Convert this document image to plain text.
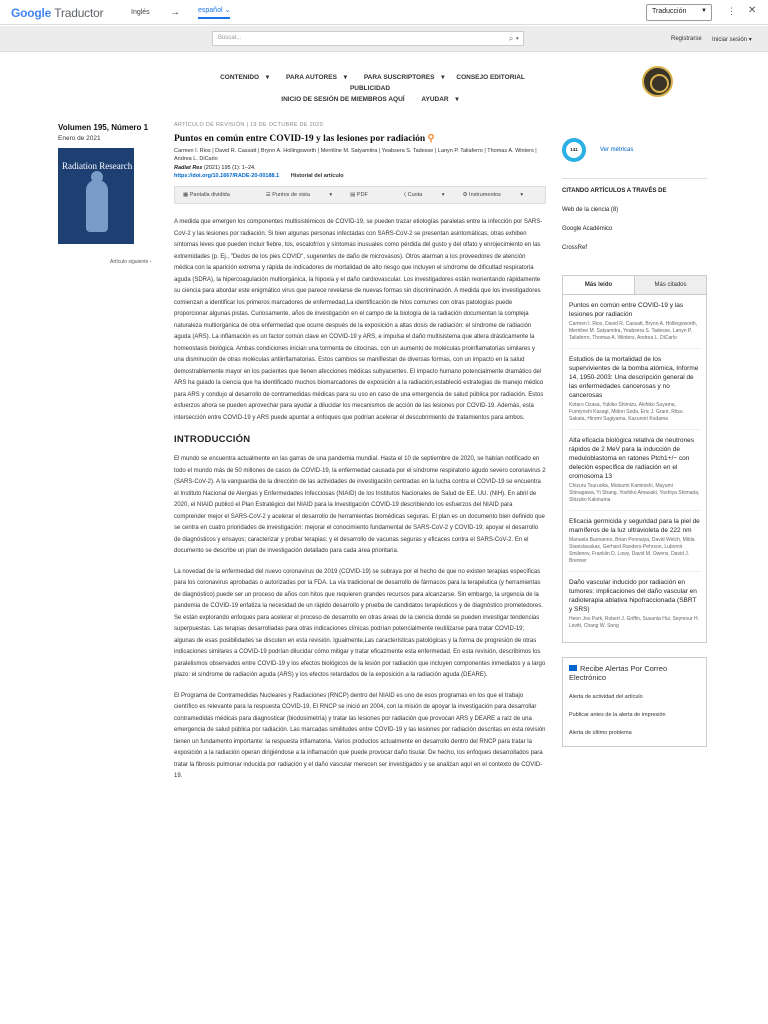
Google Traductor	Inglés →	español ⌄	Traducción ▼ ⋮ ✕
Buscar...	⌕ ▾	Registrarse Iniciar sesión ▾
CONTENIDO ▾	PARA AUTORES ▾	PARA SUSCRIPTORES ▾ CONSEJO EDITORIAL PUBLICIDAD
INICIO DE SESIÓN DE MIEMBROS AQUÍ	AYUDAR ▾
Volumen 195, Número 1
Enero de 2021
Radiation Research
Artículo siguiente ›
ARTÍCULO DE REVISIÓN | 19 DE OCTUBRE DE 2020
Puntos en común entre COVID-19 y las lesiones por radiación ⚲
Carmen I. Rios | David R. Cassatt | Brynn A. Hollingsworth | Merriline M. Satyamitra | Yeabsera S. Tadesse | Lanyn P. Taliaferro | Thomas A. Winters | Andrea L. DiCarlo
Radiat Res (2021) 195 (1): 1–24.
https://doi.org/10.1667/RADE-20-00188.1 Historial del artículo
▦ Pantalla dividida	☰ Puntos de vista	▾	▤ PDF	⟨ Cuota	▾	⚙ Instrumentos	▾
A medida que emergen los componentes multisistémicos de COVID-19, se pueden trazar etiologías paralelas entre la infección por SARS-CoV-2 y las lesiones por radiación. Si bien algunas personas infectadas con SARS-CoV-2 se presentan asintomáticas, otras exhiben síntomas leves que pueden incluir fiebre, tos, escalofríos y síntomas inusuales como pérdida del gusto y del olfato y enrojecimiento en las extremidades (p. Ej., "Dedos de los pies COVID", sugerentes de daño de microvasos). Otros alarman a los proveedores de atención médica con la aparición extrema y rápida de indicadores de mortalidad de alto riesgo que incluyen el síndrome de dificultad respiratoria aguda (SDRA), la hipercoagulación multiorgánica, la hipoxia y el daño cardiovascular. Los investigadores están reorientando rápidamente su ciencia para abordar este enigmático virus que parece revelarse de nuevas formas sin discriminación. A medida que los investigadores comienzan a identificar los primeros marcadores de enfermedad,La identificación de hilos comunes con otras patologías puede proporcionar algunas pistas. Curiosamente, años de investigación en el campo de la biología de la radiación documentan la compleja naturaleza multiorgánica de otra enfermedad que ocurre después de la exposición a altas dosis de radiación: el síndrome de radiación aguda (ARS). La inflamación es un factor común clave en COVID-19 y ARS, e impulsa el daño multisistema que altera drásticamente la homeostasis biológica. Ambas condiciones inician una tormenta de citocinas, con un aumento de moléculas proinflamatorias similares y una disminución de otras moléculas antiinflamatorias. Estos cambios se manifiestan de diversas formas, con un impacto en la salud demostrablemente mayor en los pacientes que tienen afecciones médicas subyacentes. El impacto humano potencialmente dramático del ARS ha guiado la ciencia que ha identificado muchos biomarcadores de exposición a la radiación,estableció estrategias de manejo médico para ARS y condujo al desarrollo de contramedidas médicas para su uso en caso de una emergencia de salud pública por radiación. Estos esfuerzos ahora se pueden aprovechar para ayudar a dilucidar los mecanismos de acción de las lesiones por COVID-19. Además, esta intersección entre COVID-19 y ARS puede apuntar a enfoques que podrían acelerar el descubrimiento de tratamientos para ambos.
INTRODUCCIÓN
El mundo se encuentra actualmente en las garras de una pandemia mundial. Hasta el 10 de septiembre de 2020, se habían notificado en todo el mundo más de 50 millones de casos de COVID-19, la enfermedad causada por el síndrome respiratorio agudo severo coronavirus 2 (SARS-CoV-2). A la vanguardia de la dirección de las actividades de investigación centradas en la lucha contra el COVID-19 se encuentra el Instituto Nacional de Alergias y Enfermedades Infecciosas (NIAID) de los Institutos Nacionales de Salud de EE. UU. (NIH). En abril de 2020, el NIAID publicó el Plan Estratégico del NIAID para la Investigación COVID-19 describiendo los esfuerzos del NIAID para comprender mejor el SARS-CoV-2 y acelerar el desarrollo de herramientas biomédicas seguras. El plan es un documento bien definido que se centra en cuatro prioridades de investigación: mejorar el conocimiento fundamental de SARS-CoV-2 y COVID-19; apoyar el desarrollo de diagnósticos y ensayos; caracterizar y probar terapias; y el desarrollo de vacunas seguras y eficaces contra el SARS-CoV-2. En el documento se describe un plan de investigación detallado para cada área prioritaria.
La novedad de la enfermedad del nuevo coronavirus de 2019 (COVID-19) se subraya por el hecho de que no existen terapias específicas para los coronavirus aprobadas o autorizadas por la FDA. La vía tradicional de desarrollo de fármacos para la terapéutica (y herramientas de diagnóstico) puede ser un proceso de años con hitos que requieren grandes recursos para alcanzarse. Sin embargo, la urgencia de la pandemia de COVID-19 enfatiza la necesidad de un rápido desarrollo y prueba de candidatos terapéuticos y de diagnóstico prometedores. Se están explorando enfoques para acelerar el proceso de desarrollo en otras áreas de la ciencia donde se pueden investigar tendencias superpuestas. Las terapias desarrolladas para otras indicaciones clínicas podrían potencialmente reutilizarse para tratar COVID-19; algunas de esas posibilidades se discuten en esta revisión. Igualmente,Las características patológicas y la forma de progresión de otras indicaciones similares a COVID-19 podrían dilucidar cómo mitigar y tratar eficazmente esta enfermedad. En esta revisión, describimos los paralelismos observados entre COVID-19 y los efectos biológicos de la lesión por radiación que incluyen componentes inmediatos y a largo plazo: el síndrome de radiación aguda (ARS) y los efectos retardados de la exposición a la radiación aguda (DEARE).
El Programa de Contramedidas Nucleares y Radiaciones (RNCP) dentro del NIAID es uno de esos programas en los que el trabajo científico es relevante para la respuesta COVID-19. El RNCP se inició en 2004, con la misión de apoyar la investigación para desarrollar contramedidas médicas para diagnosticar (biodosimetría) y tratar las lesiones por radiación que provocan ARS y DEARE a raíz de una emergencia de salud pública por radiación. Las marcadas similitudes entre COVID-19 y las lesiones por radiación descritas en esta revisión tienen un fundamento importante: la respuesta inflamatoria. Varios productos actualmente en desarrollo dentro del RNCP para tratar la exposición a la radiación operan dirigiéndose a la inflamación que puede provocar daño tisular. De hecho, los enfoques desarrollados para tratar la fibrosis pulmonar inducida por radiación y el daño vascular merecen ser investigados y se analizan aquí en el contexto de COVID-19.
141	Ver métricas
CITANDO ARTÍCULOS A TRAVÉS DE
Web de la ciencia (8)
Google Académico
CrossRef
Más leído	Más citados
Puntos en común entre COVID-19 y las lesiones por radiación
Carmen I. Rios, David R. Cassatt, Brynn A. Hollingsworth, Merriline M. Satyamitra, Yeabsera S. Tadesse, Lanyn P. Taliaferro, Thomas A. Winters, Andrea L. DiCarlo
Estudios de la mortalidad de los supervivientes de la bomba atómica, Informe 14, 1950-2003: Una descripción general de las enfermedades cancerosas y no cancerosas
Kotaro Ozasa, Yukiko Shimizu, Akihiko Suyama, Fumiyoshi Kasagi, Midori Soda, Eric J. Grant, Ritsu Sakata, Hiromi Sugiyama, Kazunori Kodama
Alta eficacia biológica relativa de neutrones rápidos de 2 MeV para la inducción de meduloblastoma en ratones Ptch1+/− con deleción específica de radiación en el cromosoma 13
Chizuru Tsuruoka, Mutsumi Kaminishi, Mayumi Shinagawa, Yi Shang, Yoshiko Amasaki, Yoshiya Shimada, Shizuko Kakinuma
Eficacia germicida y seguridad para la piel de mamíferos de la luz ultravioleta de 222 nm
Manuela Buonanno, Brian Ponnaiya, David Welch, Milda Stanislauskas, Gerhard Randers-Pehrson, Lubomir Smilenov, Franklin D. Lowy, David M. Owens, David J. Brenner
Daño vascular inducido por radiación en tumores: implicaciones del daño vascular en radioterapia ablativa hipofraccionada (SBRT y SRS)
Heon Joo Park, Robert J. Griffin, Susanta Hui, Seymour H. Levitt, Chang W. Song
Recibe Alertas Por Correo Electrónico
Alerta de actividad del artículo
Publicar antes de la alerta de impresión
Alerta de último problema
